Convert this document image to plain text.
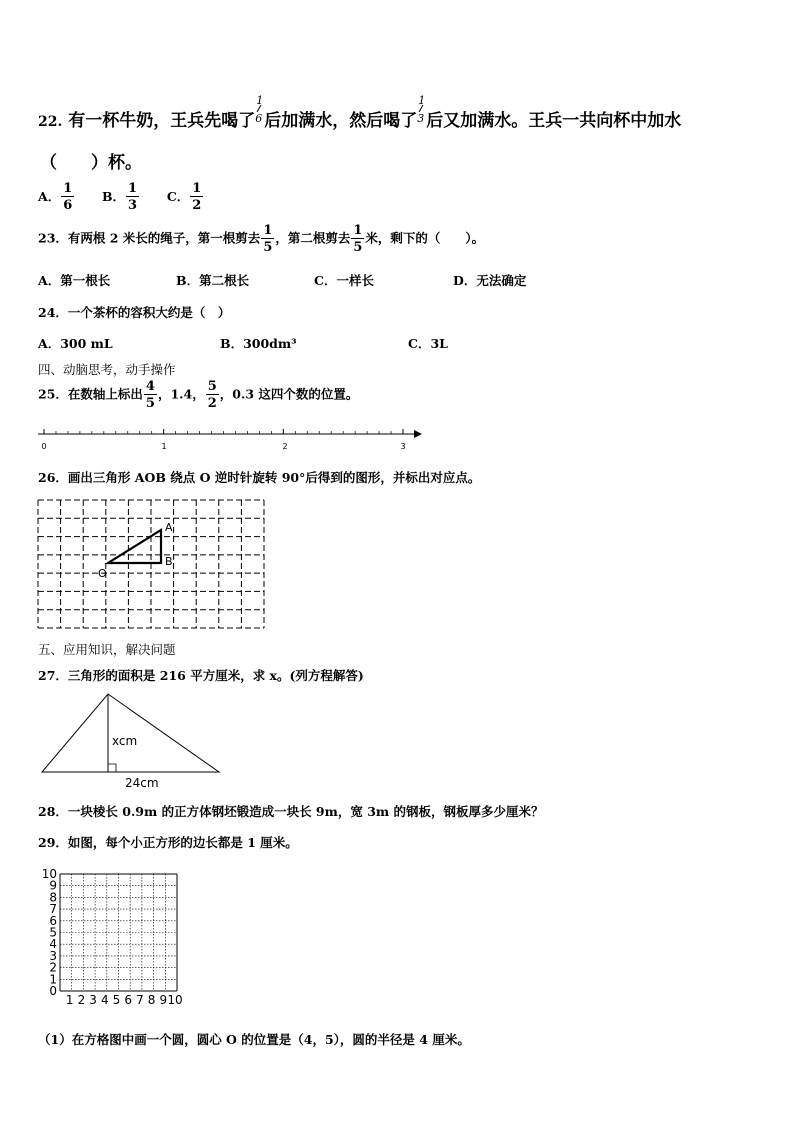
22. 有一杯牛奶，王兵先喝了
1
6 后加满水，然后喝了
1
3 后又加满水。王兵一共向杯中加水
（　　）杯。
A． $\frac{1}{6}$ B． $\frac{1}{3}$ C． $\frac{1}{2}$
23．有两根 2 米长的绳子，第一根剪去 $\frac{1}{5}$ ，第二根剪去 $\frac{1}{5}$ 米，剩下的（　　）。
A．第一根长	B．第二根长	C．一样长	D．无法确定
24．一个茶杯的容积大约是（　）
A．300 mL	B．300dm³	C．3L
四、动脑思考，动手操作
25．在数轴上标出 $\frac{4}{5}$ ，1.4， $\frac{5}{2}$ ，0.3 这四个数的位置。
0	1	2	3
26．画出三角形 AOB 绕点 O 逆时针旋转 90°后得到的图形，并标出对应点。
A
B
O
五、应用知识，解决问题
27．三角形的面积是 216 平方厘米，求 x。(列方程解答)
xcm
24cm
28．一块棱长 0.9m 的正方体钢坯锻造成一块长 9m，宽 3m 的钢板，钢板厚多少厘米？
29．如图，每个小正方形的边长都是 1 厘米。
0
1
2
3
4
5
6
7
8
9
10
1 2 3 4 5 6 7 8 9 10
（1）在方格图中画一个圆，圆心 O 的位置是（4，5），圆的半径是 4 厘米。
